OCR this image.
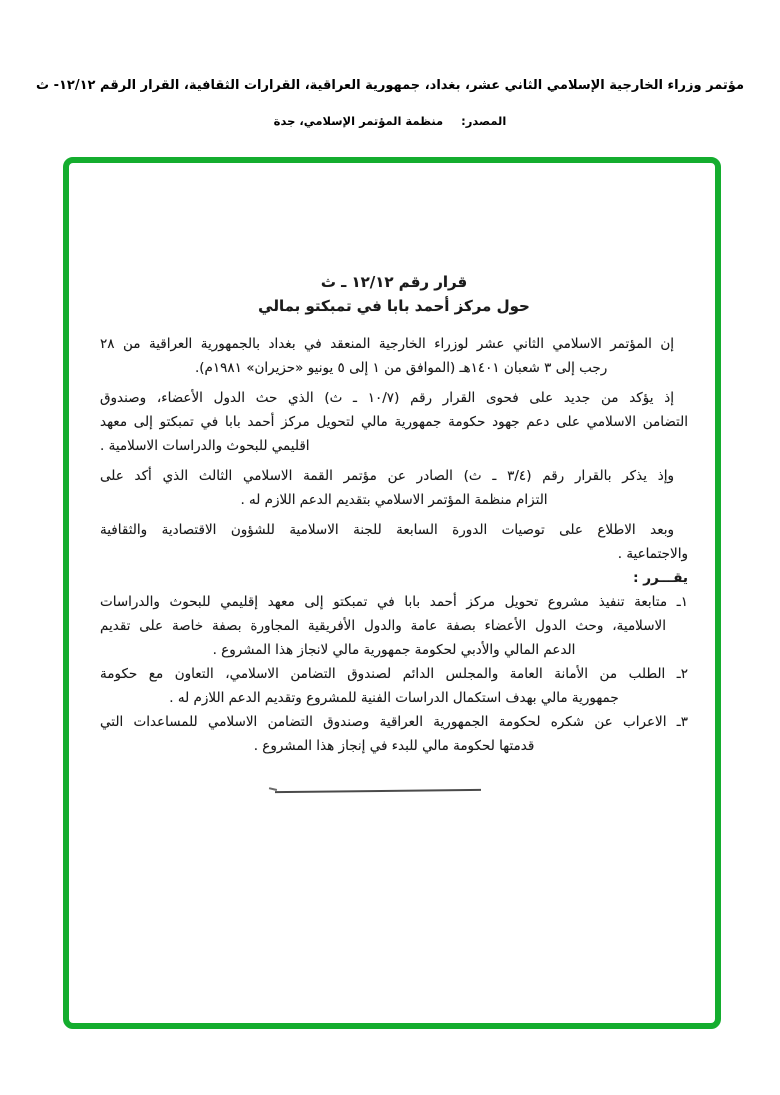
مؤتمر وزراء الخارجية الإسلامي الثاني عشر، بغداد، جمهورية العراقية، القرارات الثقافية، القرار الرقم ١٢/١٢- ث
المصدر: منظمة المؤتمر الإسلامي، جدة
قرار رقم ١٢/١٢ ـ ث
حول مركز أحمد بابا في تمبكتو بمالي
إن المؤتمر الاسلامي الثاني عشر لوزراء الخارجية المنعقد في بغداد بالجمهورية العراقية من ٢٨
رجب إلى ٣ شعبان ١٤٠١هـ (الموافق من ١ إلى ٥ يونيو «حزيران» ١٩٨١م).
إذ يؤكد من جديد على فحوى القرار رقم (١٠/٧ ـ ث) الذي حث الدول الأعضاء، وصندوق
التضامن الاسلامي على دعم جهود حكومة جمهورية مالي لتحويل مركز أحمد بابا في تمبكتو إلى معهد
اقليمي للبحوث والدراسات الاسلامية .
وإذ يذكر بالقرار رقم (٣/٤ ـ ث) الصادر عن مؤتمر القمة الاسلامي الثالث الذي أكد على
التزام منظمة المؤتمر الاسلامي بتقديم الدعم اللازم له .
وبعد الاطلاع على توصيات الدورة السابعة للجنة الاسلامية للشؤون الاقتصادية والثقافية
والاجتماعية .
يقـــرر :
١ـ متابعة تنفيذ مشروع تحويل مركز أحمد بابا في تمبكتو إلى معهد إقليمي للبحوث والدراسات
الاسلامية، وحث الدول الأعضاء بصفة عامة والدول الأفريقية المجاورة بصفة خاصة على تقديم
الدعم المالي والأدبي لحكومة جمهورية مالي لانجاز هذا المشروع .
٢ـ الطلب من الأمانة العامة والمجلس الدائم لصندوق التضامن الاسلامي، التعاون مع حكومة
جمهورية مالي بهدف استكمال الدراسات الفنية للمشروع وتقديم الدعم اللازم له .
٣ـ الاعراب عن شكره لحكومة الجمهورية العراقية وصندوق التضامن الاسلامي للمساعدات التي
قدمتها لحكومة مالي للبدء في إنجاز هذا المشروع .
